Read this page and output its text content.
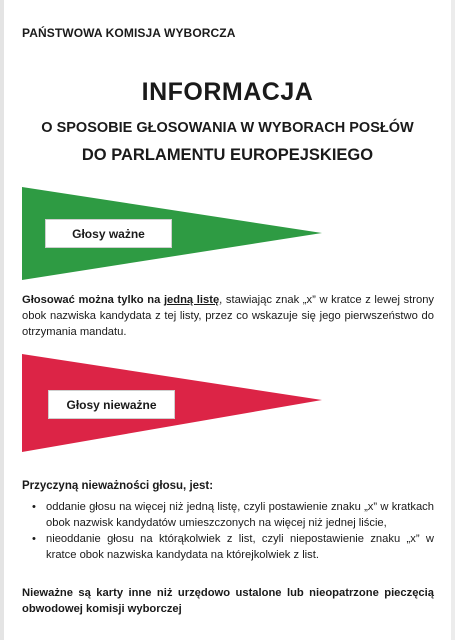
PAŃSTWOWA KOMISJA WYBORCZA
INFORMACJA
O SPOSOBIE GŁOSOWANIA W WYBORACH POSŁÓW
DO PARLAMENTU EUROPEJSKIEGO
Głosy ważne
Głosować można tylko na jedną listę, stawiając znak „x” w kratce z lewej strony obok nazwiska kandydata z tej listy, przez co wskazuje się jego pierwszeństwo do otrzymania mandatu.
Głosy nieważne
Przyczyną nieważności głosu, jest:
• oddanie głosu na więcej niż jedną listę, czyli postawienie znaku „x” w kratkach obok nazwisk kandydatów umieszczonych na więcej niż jednej liście,
• nieoddanie głosu na którąkolwiek z list, czyli niepostawienie znaku „x” w kratce obok nazwiska kandydata na którejkolwiek z list.
Nieważne są karty inne niż urzędowo ustalone lub nieopatrzone pieczęcią obwodowej komisji wyborczej
